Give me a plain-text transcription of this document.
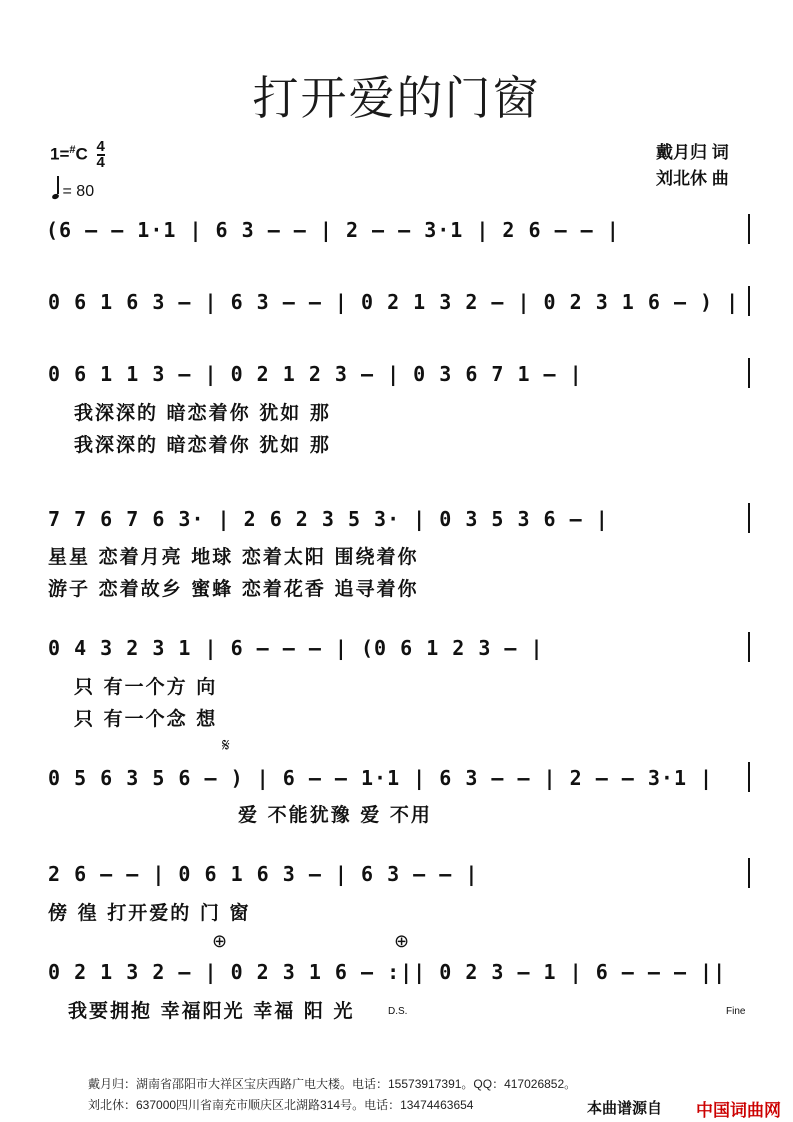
打开爱的门窗
$1=^{\#}C \frac{4}{4}$
= 80
戴月归 词
刘北休 曲
(6 – – 1·1 | 6 3 – – | 2 – – 3·1 | 2 6 – – |
0 6 1 6 3 – | 6 3 – – | 0 2 1 3 2 – | 0 2 3 1 6 – ) |
0 6 1 1 3 – | 0 2 1 2 3 – | 0 3 6 7 1 – |
我深深的 暗恋着你 犹如 那
我深深的 暗恋着你 犹如 那
7 7 6 7 6 3· | 2 6 2 3 5 3· | 0 3 5 3 6 – |
星星 恋着月亮 地球 恋着太阳 围绕着你
游子 恋着故乡 蜜蜂 恋着花香 追寻着你
0 4 3 2 3 1 | 6 – – – | (0 6 1 2 3 – |
只 有一个方 向
只 有一个念 想
𝄋
0 5 6 3 5 6 – ) | 6 – – 1·1 | 6 3 – – | 2 – – 3·1 |
爱 不能犹豫 爱 不用
2 6 – – | 0 6 1 6 3 – | 6 3 – – |
傍 徨 打开爱的 门 窗
⊕	⊕
0 2 1 3 2 – | 0 2 3 1 6 – :|| 0 2 3 – 1 | 6 – – – ||
我要拥抱 幸福阳光 幸福 阳 光	D.S.	Fine
戴月归：湖南省邵阳市大祥区宝庆西路广电大楼。电话：15573917391。QQ：417026852。
刘北休：637000四川省南充市顺庆区北湖路314号。电话：13474463654	本曲谱源自 中国词曲网
